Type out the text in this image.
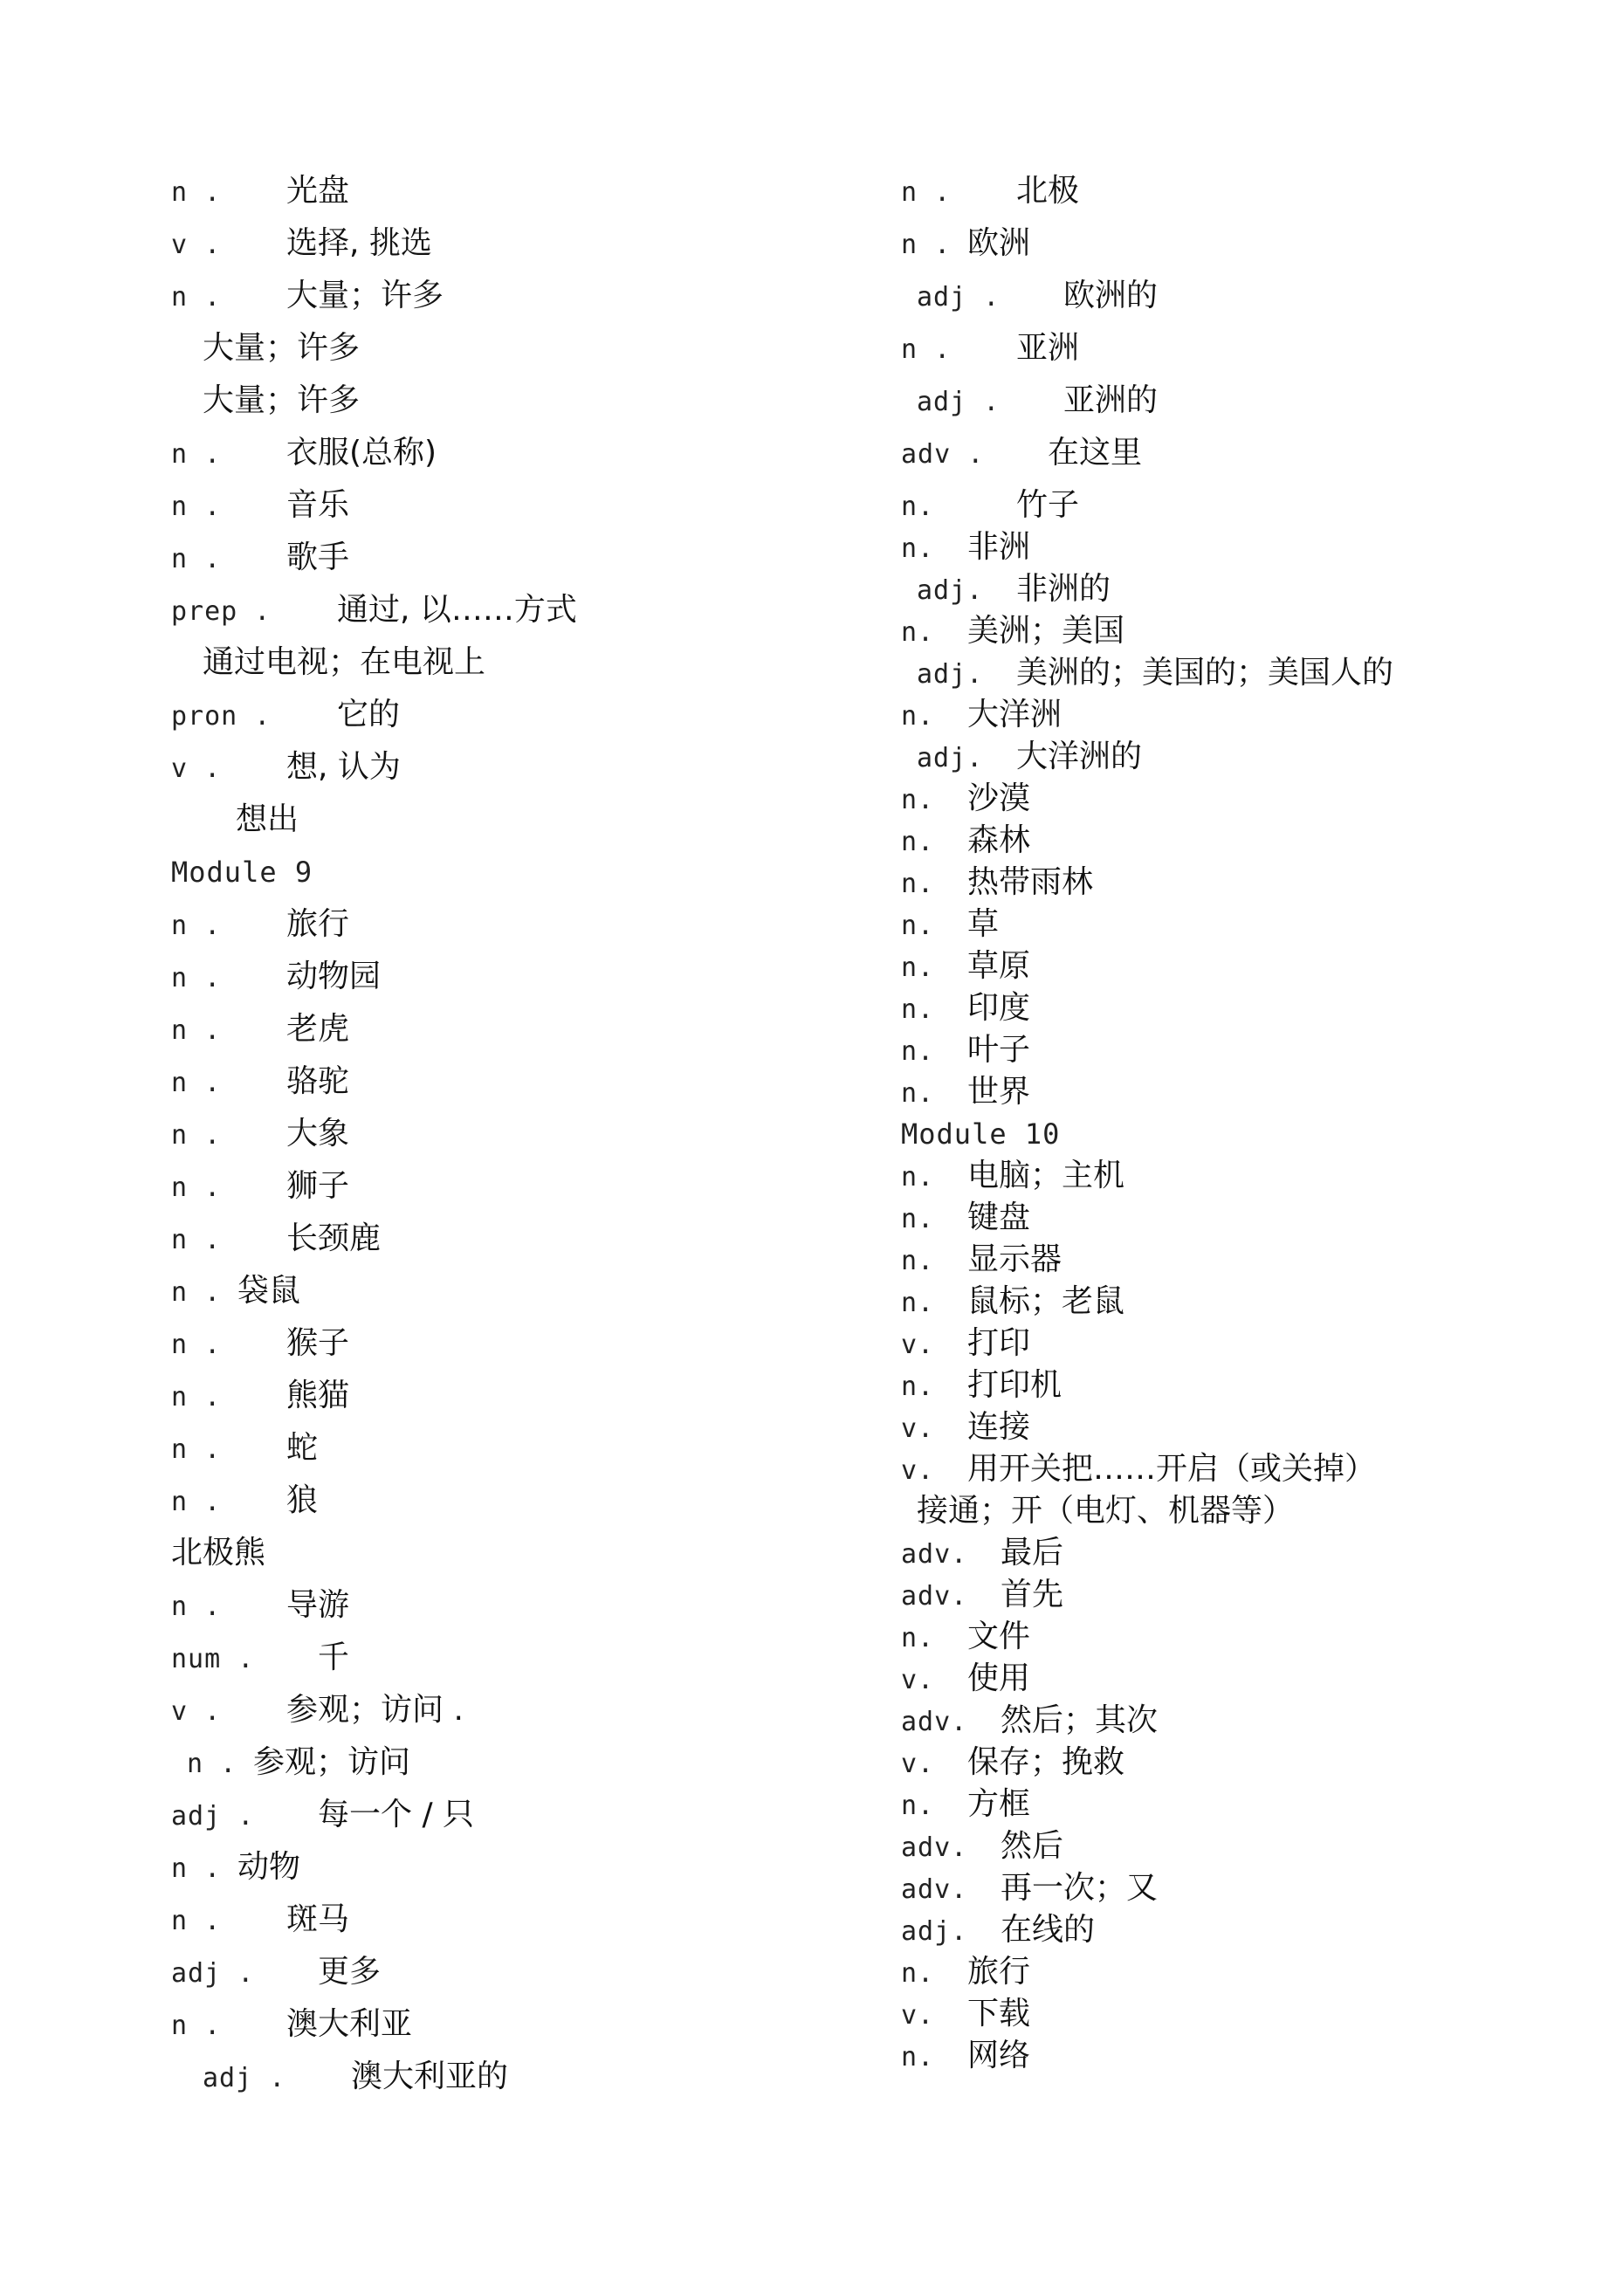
n . 光盘
v . 选择, 挑选
n . 大量；许多
大量；许多
大量；许多
n . 衣服(总称)
n . 音乐
n . 歌手
prep . 通过, 以……方式
通过电视；在电视上
pron . 它的
v . 想, 认为
想出
Module 9
n . 旅行
n . 动物园
n . 老虎
n . 骆驼
n . 大象
n . 狮子
n . 长颈鹿
n . 袋鼠
n . 猴子
n . 熊猫
n . 蛇
n . 狼
北极熊
n . 导游
num . 千
v . 参观；访问 .
n . 参观；访问
adj . 每一个 / 只
n . 动物
n . 斑马
adj . 更多
n . 澳大利亚
adj . 澳大利亚的
n . 北极
n . 欧洲
adj . 欧洲的
n . 亚洲
adj . 亚洲的
adv . 在这里
n.	竹子
n. 非洲
adj. 非洲的
n. 美洲；美国
adj. 美洲的；美国的；美国人的
n. 大洋洲
adj. 大洋洲的
n. 沙漠
n. 森林
n. 热带雨林
n. 草
n. 草原
n. 印度
n. 叶子
n. 世界
Module 10
n. 电脑；主机
n. 键盘
n. 显示器
n. 鼠标；老鼠
v. 打印
n. 打印机
v. 连接
v. 用开关把……开启（或关掉）
接通；开（电灯、机器等）
adv. 最后
adv. 首先
n. 文件
v. 使用
adv. 然后；其次
v. 保存；挽救
n. 方框
adv. 然后
adv. 再一次；又
adj. 在线的
n. 旅行
v. 下载
n. 网络
